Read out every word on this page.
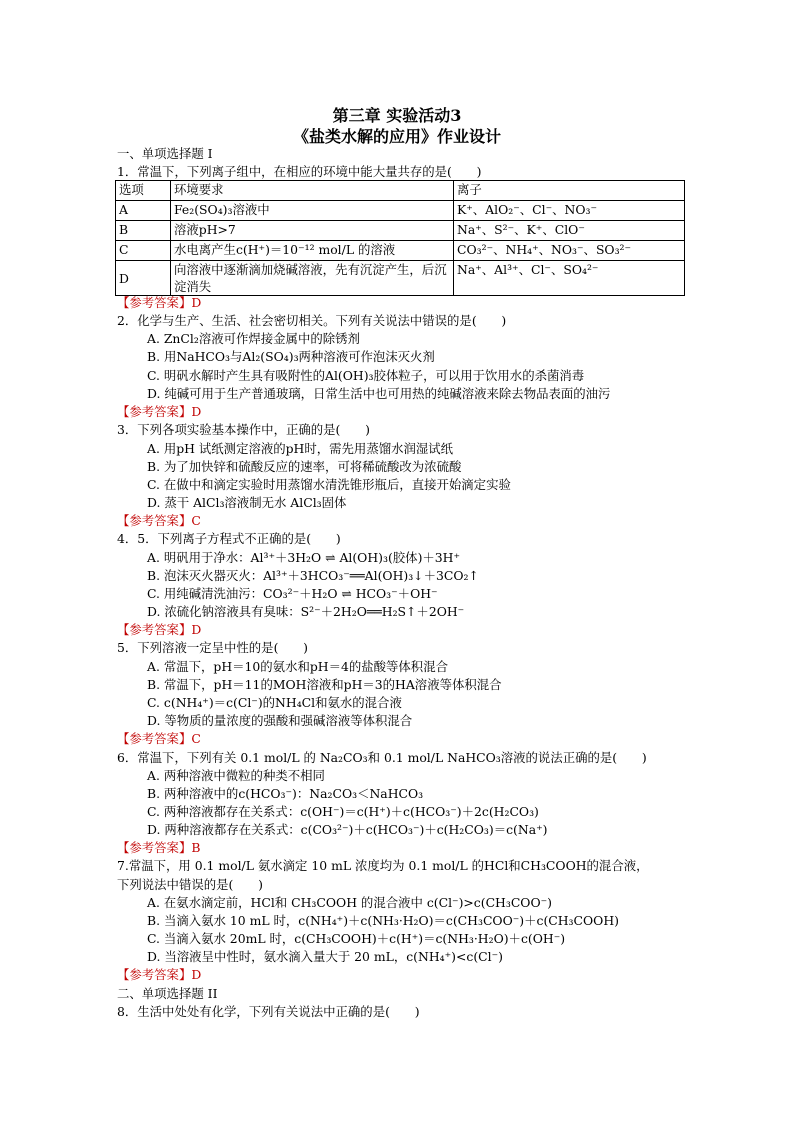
第三章 实验活动3
《盐类水解的应用》作业设计
一、单项选择题 I
1．常温下，下列离子组中，在相应的环境中能大量共存的是(　　)
选项	环境要求	离子
A	Fe₂(SO₄)₃溶液中	K⁺、AlO₂⁻、Cl⁻、NO₃⁻
B	溶液pH>7	Na⁺、S²⁻、K⁺、ClO⁻
C	水电离产生c(H⁺)＝10⁻¹² mol/L 的溶液	CO₃²⁻、NH₄⁺、NO₃⁻、SO₃²⁻
D	向溶液中逐渐滴加烧碱溶液，先有沉淀产生，后沉淀消失	Na⁺、Al³⁺、Cl⁻、SO₄²⁻
【参考答案】D
2．化学与生产、生活、社会密切相关。下列有关说法中错误的是(　　)
A. ZnCl₂溶液可作焊接金属中的除锈剂
B. 用NaHCO₃与Al₂(SO₄)₃两种溶液可作泡沫灭火剂
C. 明矾水解时产生具有吸附性的Al(OH)₃胶体粒子，可以用于饮用水的杀菌消毒
D. 纯碱可用于生产普通玻璃，日常生活中也可用热的纯碱溶液来除去物品表面的油污
【参考答案】D
3．下列各项实验基本操作中，正确的是(　　)
A. 用pH 试纸测定溶液的pH时，需先用蒸馏水润湿试纸
B. 为了加快锌和硫酸反应的速率，可将稀硫酸改为浓硫酸
C. 在做中和滴定实验时用蒸馏水清洗锥形瓶后，直接开始滴定实验
D. 蒸干 AlCl₃溶液制无水 AlCl₃固体
【参考答案】C
4．5．下列离子方程式不正确的是(　　)
A. 明矾用于净水：Al³⁺＋3H₂O ⇌ Al(OH)₃(胶体)＋3H⁺
B. 泡沫灭火器灭火：Al³⁺＋3HCO₃⁻══Al(OH)₃↓＋3CO₂↑
C. 用纯碱清洗油污：CO₃²⁻＋H₂O ⇌ HCO₃⁻＋OH⁻
D. 浓硫化钠溶液具有臭味：S²⁻＋2H₂O══H₂S↑＋2OH⁻
【参考答案】D
5．下列溶液一定呈中性的是(　　)
A. 常温下，pH＝10的氨水和pH＝4的盐酸等体积混合
B. 常温下，pH＝11的MOH溶液和pH＝3的HA溶液等体积混合
C. c(NH₄⁺)＝c(Cl⁻)的NH₄Cl和氨水的混合液
D. 等物质的量浓度的强酸和强碱溶液等体积混合
【参考答案】C
6．常温下，下列有关 0.1 mol/L 的 Na₂CO₃和 0.1 mol/L NaHCO₃溶液的说法正确的是(　　)
A. 两种溶液中微粒的种类不相同
B. 两种溶液中的c(HCO₃⁻)：Na₂CO₃＜NaHCO₃
C. 两种溶液都存在关系式：c(OH⁻)＝c(H⁺)＋c(HCO₃⁻)＋2c(H₂CO₃)
D. 两种溶液都存在关系式：c(CO₃²⁻)＋c(HCO₃⁻)＋c(H₂CO₃)＝c(Na⁺)
【参考答案】B
7.常温下，用 0.1 mol/L 氨水滴定 10 mL 浓度均为 0.1 mol/L 的HCl和CH₃COOH的混合液，
下列说法中错误的是(　　)
A. 在氨水滴定前，HCl和 CH₃COOH 的混合液中 c(Cl⁻)>c(CH₃COO⁻)
B. 当滴入氨水 10 mL 时，c(NH₄⁺)＋c(NH₃·H₂O)＝c(CH₃COO⁻)＋c(CH₃COOH)
C. 当滴入氨水 20mL 时，c(CH₃COOH)＋c(H⁺)＝c(NH₃·H₂O)＋c(OH⁻)
D. 当溶液呈中性时，氨水滴入量大于 20 mL，c(NH₄⁺)<c(Cl⁻)
【参考答案】D
二、单项选择题 II
8．生活中处处有化学，下列有关说法中正确的是(　　)
